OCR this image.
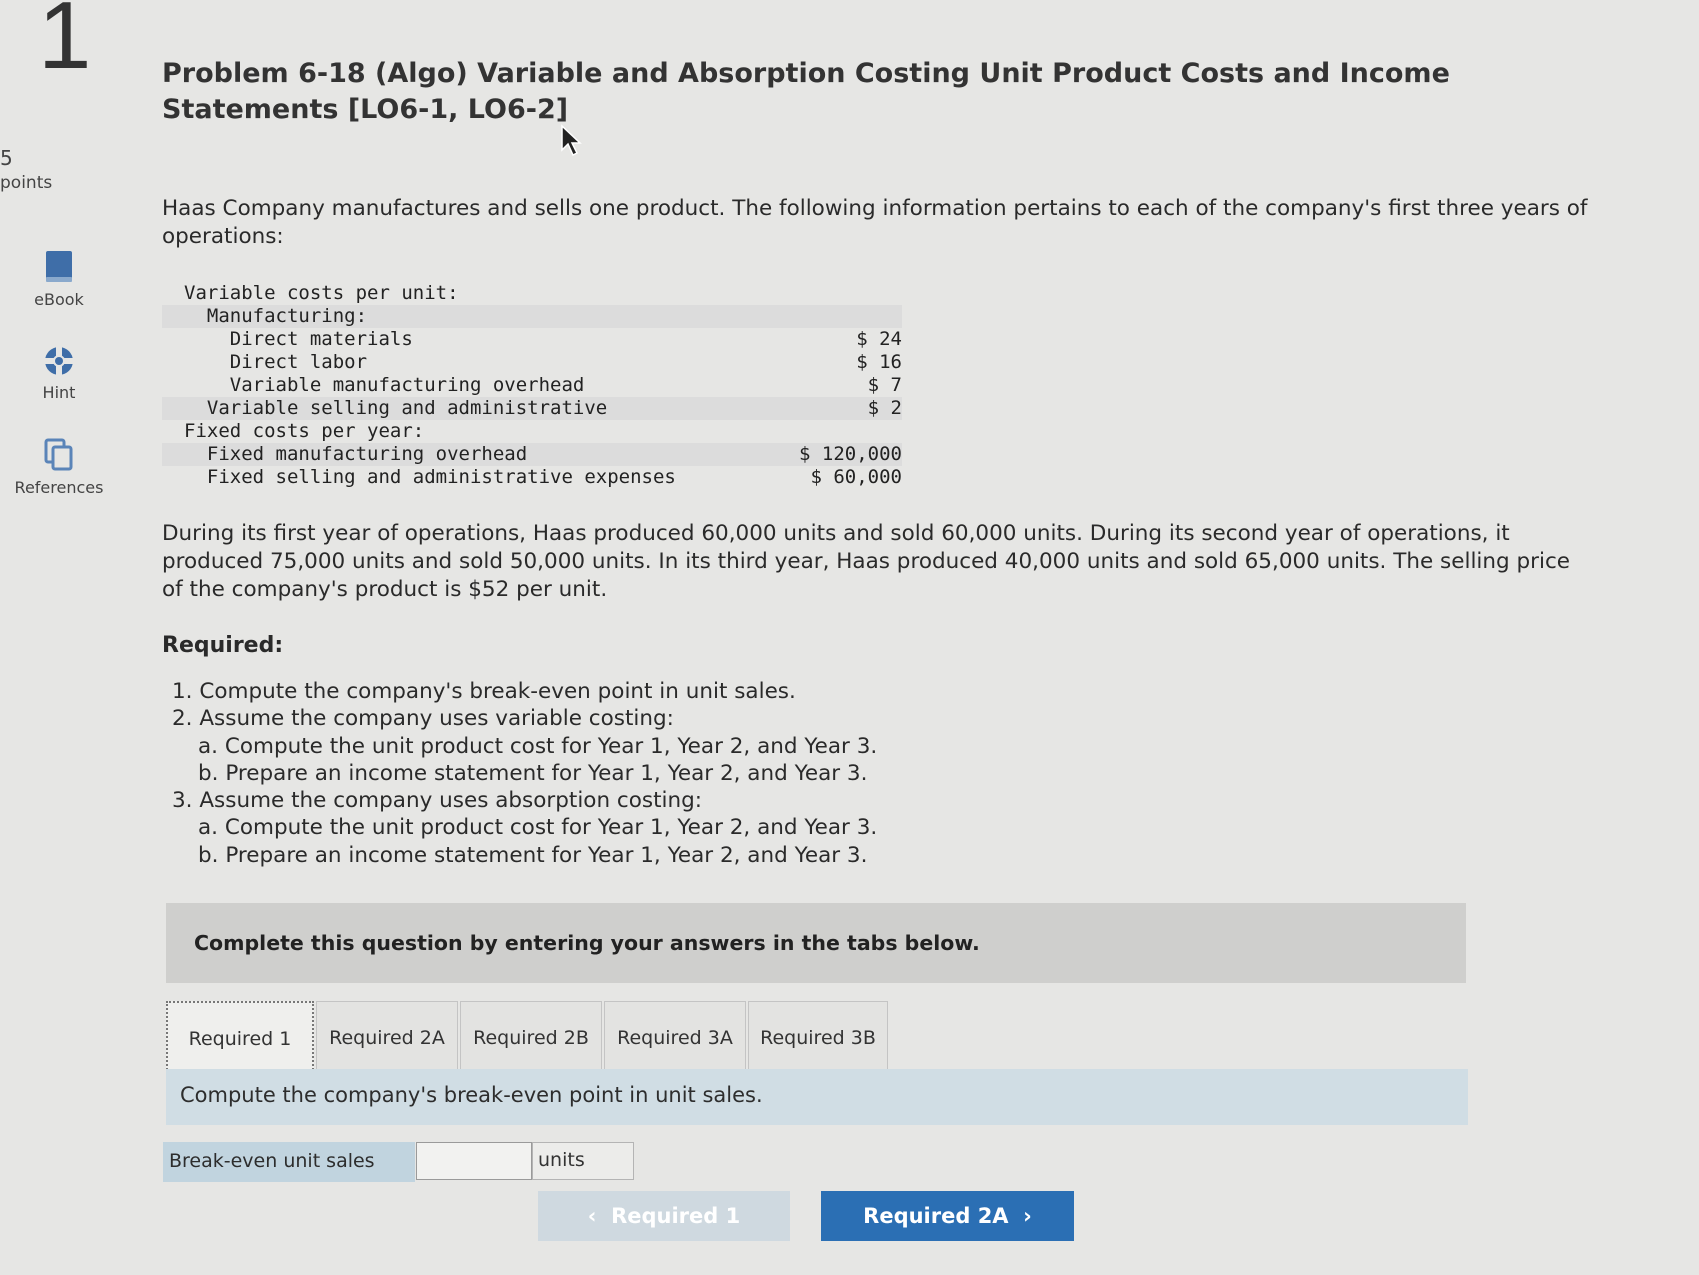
1
5
points
eBook
Hint
References
Problem 6-18 (Algo) Variable and Absorption Costing Unit Product Costs and Income Statements [LO6-1, LO6-2]
Haas Company manufactures and sells one product. The following information pertains to each of the company's first three years of operations:
Variable costs per unit:
Manufacturing:
Direct materials	$ 24
Direct labor	$ 16
Variable manufacturing overhead	$ 7
Variable selling and administrative	$ 2
Fixed costs per year:
Fixed manufacturing overhead	$ 120,000
Fixed selling and administrative expenses	$ 60,000
During its first year of operations, Haas produced 60,000 units and sold 60,000 units. During its second year of operations, it produced 75,000 units and sold 50,000 units. In its third year, Haas produced 40,000 units and sold 65,000 units. The selling price of the company's product is $52 per unit.
Required:
1. Compute the company's break-even point in unit sales.
2. Assume the company uses variable costing:
a. Compute the unit product cost for Year 1, Year 2, and Year 3.
b. Prepare an income statement for Year 1, Year 2, and Year 3.
3. Assume the company uses absorption costing:
a. Compute the unit product cost for Year 1, Year 2, and Year 3.
b. Prepare an income statement for Year 1, Year 2, and Year 3.
Complete this question by entering your answers in the tabs below.
Required 1	Required 2A	Required 2B	Required 3A	Required 3B
Compute the company's break-even point in unit sales.
Break-even unit sales	units
‹  Required 1	Required 2A  ›
